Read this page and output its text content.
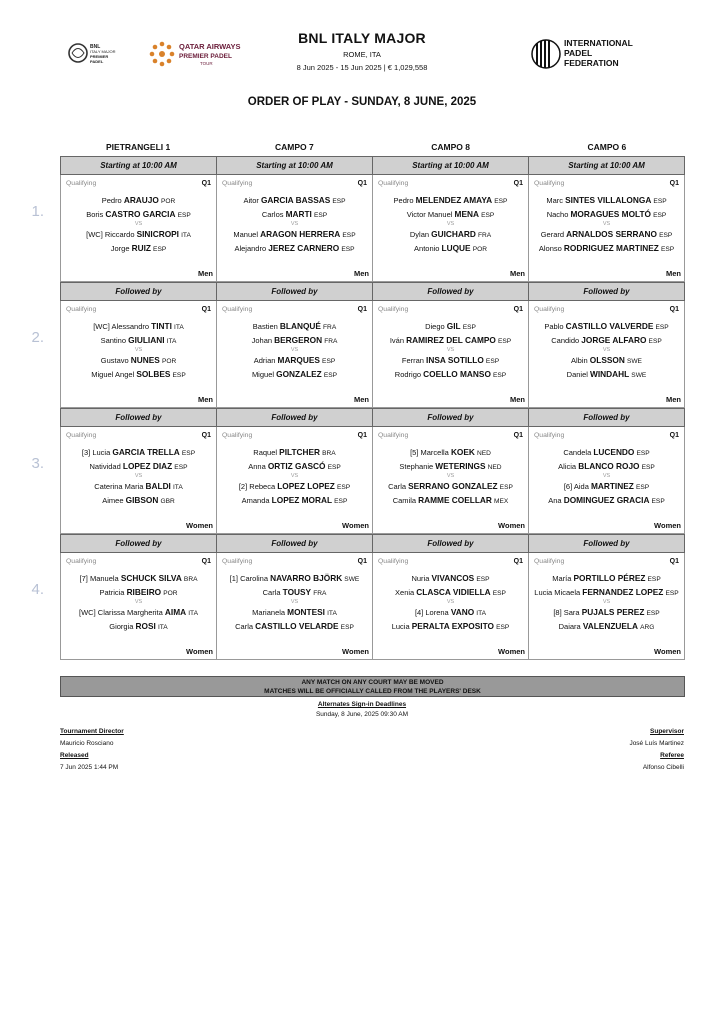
BNL
ITALY MAJOR
PREMIER
PADEL
QATAR AIRWAYS
PREMIER PADEL
TOUR
INTERNATIONAL
PADEL
FEDERATION
BNL ITALY MAJOR
ROME, ITA
8 Jun 2025 - 15 Jun 2025 | € 1,029,558
ORDER OF PLAY - SUNDAY, 8 JUNE, 2025
PIETRANGELI 1	CAMPO 7	CAMPO 8	CAMPO 6
Starting at 10:00 AM	Starting at 10:00 AM	Starting at 10:00 AM	Starting at 10:00 AM
1.
Qualifying	Q1
Pedro ARAUJO POR
Boris CASTRO GARCIA ESP
[WC] Riccardo SINICROPI ITA
Jorge RUIZ ESP
VS
Men
Qualifying	Q1
Aitor GARCIA BASSAS ESP
Carlos MARTI ESP
Manuel ARAGON HERRERA ESP
Alejandro JEREZ CARNERO ESP
VS
Men
Qualifying	Q1
Pedro MELENDEZ AMAYA ESP
Victor Manuel MENA ESP
Dylan GUICHARD FRA
Antonio LUQUE POR
VS
Men
Qualifying	Q1
Marc SINTES VILLALONGA ESP
Nacho MORAGUES MOLTÓ ESP
Gerard ARNALDOS SERRANO ESP
Alonso RODRIGUEZ MARTINEZ ESP
VS
Men
Followed by	Followed by	Followed by	Followed by
2.
Qualifying	Q1
[WC] Alessandro TINTI ITA
Santino GIULIANI ITA
Gustavo NUNES POR
Miguel Angel SOLBES ESP
VS
Men
Qualifying	Q1
Bastien BLANQUÉ FRA
Johan BERGERON FRA
Adrian MARQUES ESP
Miguel GONZALEZ ESP
VS
Men
Qualifying	Q1
Diego GIL ESP
Iván RAMIREZ DEL CAMPO ESP
Ferran INSA SOTILLO ESP
Rodrigo COELLO MANSO ESP
VS
Men
Qualifying	Q1
Pablo CASTILLO VALVERDE ESP
Candido JORGE ALFARO ESP
Albin OLSSON SWE
Daniel WINDAHL SWE
VS
Men
Followed by	Followed by	Followed by	Followed by
3.
Qualifying	Q1
[3] Lucia GARCIA TRELLA ESP
Natividad LOPEZ DIAZ ESP
Caterina Maria BALDI ITA
Aimee GIBSON GBR
VS
Women
Qualifying	Q1
Raquel PILTCHER BRA
Anna ORTIZ GASCÓ ESP
[2] Rebeca LOPEZ LOPEZ ESP
Amanda LOPEZ MORAL ESP
VS
Women
Qualifying	Q1
[5] Marcella KOEK NED
Stephanie WETERINGS NED
Carla SERRANO GONZALEZ ESP
Camila RAMME COELLAR MEX
VS
Women
Qualifying	Q1
Candela LUCENDO ESP
Alicia BLANCO ROJO ESP
[6] Aida MARTINEZ ESP
Ana DOMINGUEZ GRACIA ESP
VS
Women
Followed by	Followed by	Followed by	Followed by
4.
Qualifying	Q1
[7] Manuela SCHUCK SILVA BRA
Patricia RIBEIRO POR
[WC] Clarissa Margherita AIMA ITA
Giorgia ROSI ITA
VS
Women
Qualifying	Q1
[1] Carolina NAVARRO BJÖRK SWE
Carla TOUSY FRA
Marianela MONTESI ITA
Carla CASTILLO VELARDE ESP
VS
Women
Qualifying	Q1
Nuria VIVANCOS ESP
Xenia CLASCA VIDIELLA ESP
[4] Lorena VANO ITA
Lucia PERALTA EXPOSITO ESP
VS
Women
Qualifying	Q1
María PORTILLO PÉREZ ESP
Lucia Micaela FERNANDEZ LOPEZ ESP
[8] Sara PUJALS PEREZ ESP
Daiara VALENZUELA ARG
VS
Women
ANY MATCH ON ANY COURT MAY BE MOVED
MATCHES WILL BE OFFICIALLY CALLED FROM THE PLAYERS' DESK
Alternates Sign-in Deadlines
Sunday, 8 June, 2025 09:30 AM
Tournament Director
Mauricio Rosciano
Released
7 Jun 2025 1:44 PM
Supervisor
José Luís Martinez
Referee
Alfonso Cibelli
